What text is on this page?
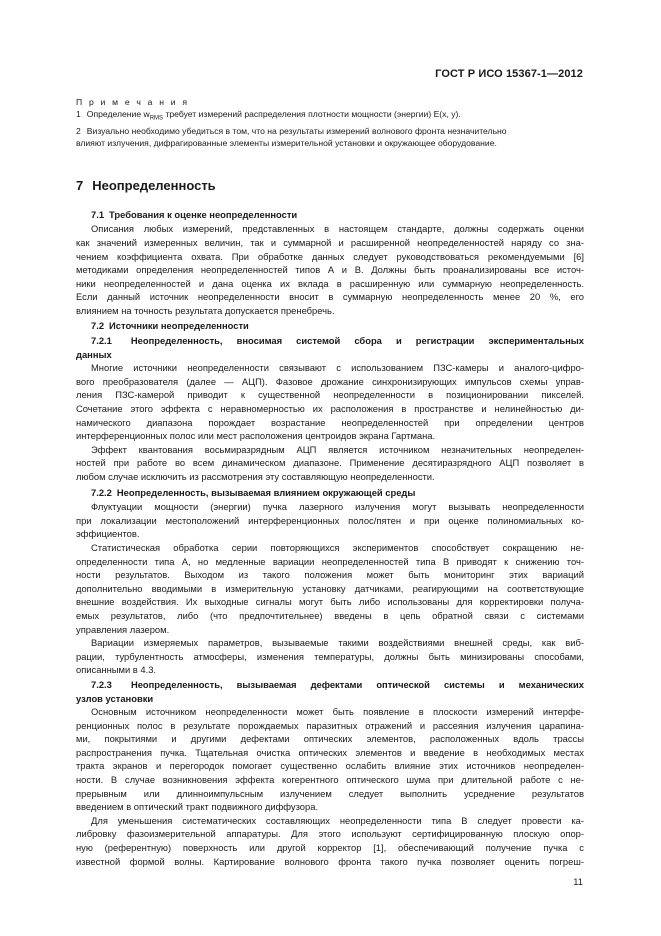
ГОСТ Р ИСО 15367-1—2012

П р и м е ч а н и я

1 Определение $w_{RMS}$ требует измерений распределения плотности мощности (энергии) E(x, y).

2 Визуально необходимо убедиться в том, что на результаты измерений волнового фронта незначительно
влияют излучения, дифрагированные элементы измерительной установки и окружающее оборудование.

7 Неопределенность
7.1 Требования к оценке неопределенности
Описания любых измерений, представленных в настоящем стандарте, должны содержать оценки
как значений измеренных величин, так и суммарной и расширенной неопределенностей наряду со зна-
чением коэффициента охвата. При обработке данных следует руководствоваться рекомендуемыми [6]
методиками определения неопределенностей типов А и В. Должны быть проанализированы все источ-
ники неопределенностей и дана оценка их вклада в расширенную или суммарную неопределенность.
Если данный источник неопределенности вносит в суммарную неопределенность менее 20 %, его
влиянием на точность результата допускается пренебречь.
7.2 Источники неопределенности
7.2.1 Неопределенность, вносимая системой сбора и регистрации экспериментальных
данных
Многие источники неопределенности связывают с использованием ПЗС-камеры и аналого-цифро-
вого преобразователя (далее — АЦП). Фазовое дрожание синхронизирующих импульсов схемы управ-
ления ПЗС-камерой приводит к существенной неопределенности в позиционировании пикселей.
Сочетание этого эффекта с неравномерностью их расположения в пространстве и нелинейностью ди-
намического диапазона порождает возрастание неопределенностей при определении центров
интерференционных полос или мест расположения центроидов экрана Гартмана.
Эффект квантования восьмиразрядным АЦП является источником незначительных неопределен-
ностей при работе во всем динамическом диапазоне. Применение десятиразрядного АЦП позволяет в
любом случае исключить из рассмотрения эту составляющую неопределенности.
7.2.2 Неопределенность, вызываемая влиянием окружающей среды
Флуктуации мощности (энергии) пучка лазерного излучения могут вызывать неопределенности
при локализации местоположений интерференционных полос/пятен и при оценке полиномиальных ко-
эффициентов.
Статистическая обработка серии повторяющихся экспериментов способствует сокращению не-
определенности типа А, но медленные вариации неопределенностей типа В приводят к снижению точ-
ности результатов. Выходом из такого положения может быть мониторинг этих вариаций
дополнительно вводимыми в измерительную установку датчиками, реагирующими на соответствующие
внешние воздействия. Их выходные сигналы могут быть либо использованы для корректировки получа-
емых результатов, либо (что предпочтительнее) введены в цепь обратной связи с системами
управления лазером.
Вариации измеряемых параметров, вызываемые такими воздействиями внешней среды, как виб-
рации, турбулентность атмосферы, изменения температуры, должны быть минизированы способами,
описанными в 4.3.
7.2.3 Неопределенность, вызываемая дефектами оптической системы и механических
узлов установки
Основным источником неопределенности может быть появление в плоскости измерений интерфе-
ренционных полос в результате порождаемых паразитных отражений и рассеяния излучения царапина-
ми, покрытиями и другими дефектами оптических элементов, расположенных вдоль трассы
распространения пучка. Тщательная очистка оптических элементов и введение в необходимых местах
тракта экранов и перегородок помогает существенно ослабить влияние этих источников неопределен-
ности. В случае возникновения эффекта когерентного оптического шума при длительной работе с не-
прерывным или длинноимпульсным излучением следует выполнить усреднение результатов
введением в оптический тракт подвижного диффузора.
Для уменьшения систематических составляющих неопределенности типа В следует провести ка-
либровку фазоизмерительной аппаратуры. Для этого используют сертифицированную плоскую опор-
ную (референтную) поверхность или другой корректор [1], обеспечивающий получение пучка с
известной формой волны. Картирование волнового фронта такого пучка позволяет оценить погреш-
11
